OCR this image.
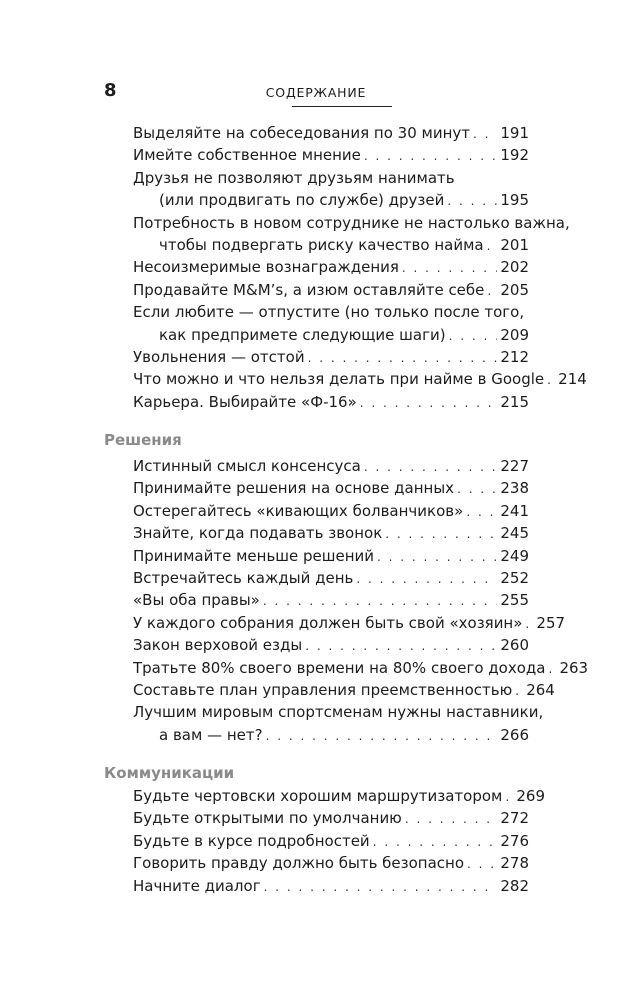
8	СОДЕРЖАНИЕ
Выделяйте на собеседования по 30 минут . . . 191
Имейте собственное мнение . . .	192
Друзья не позволяют друзьям нанимать
(или продвигать по службе) друзей . . .	195
Потребность в новом сотруднике не настолько важна,
чтобы подвергать риску качество найма . . . 201
Несоизмеримые вознаграждения . . .	202
Продавайте M&M’s, а изюм оставляйте себе . . . 205
Если любите — отпустите (но только после того,
как предпримете следующие шаги) . . .	209
Увольнения — отстой . . .	212
Что можно и что нельзя делать при найме в Google . . . 214
Карьера. Выбирайте «Ф-16» . . .	215
Решения
Истинный смысл консенсуса . . .	227
Принимайте решения на основе данных . . .	238
Остерегайтесь «кивающих болванчиков» . . . 241
Знайте, когда подавать звонок . . .	245
Принимайте меньше решений . . .	249
Встречайтесь каждый день . . .	252
«Вы оба правы» . . .	255
У каждого собрания должен быть свой «хозяин» . . . 257
Закон верховой езды . . .	260
Тратьте 80% своего времени на 80% своего дохода . . . 263
Составьте план управления преемственностью . . . 264
Лучшим мировым спортсменам нужны наставники,
а вам — нет? . . .	266
Коммуникации
Будьте чертовски хорошим маршрутизатором . . . 269
Будьте открытыми по умолчанию . . .	272
Будьте в курсе подробностей . . .	276
Говорить правду должно быть безопасно . . . 278
Начните диалог . . .	282
